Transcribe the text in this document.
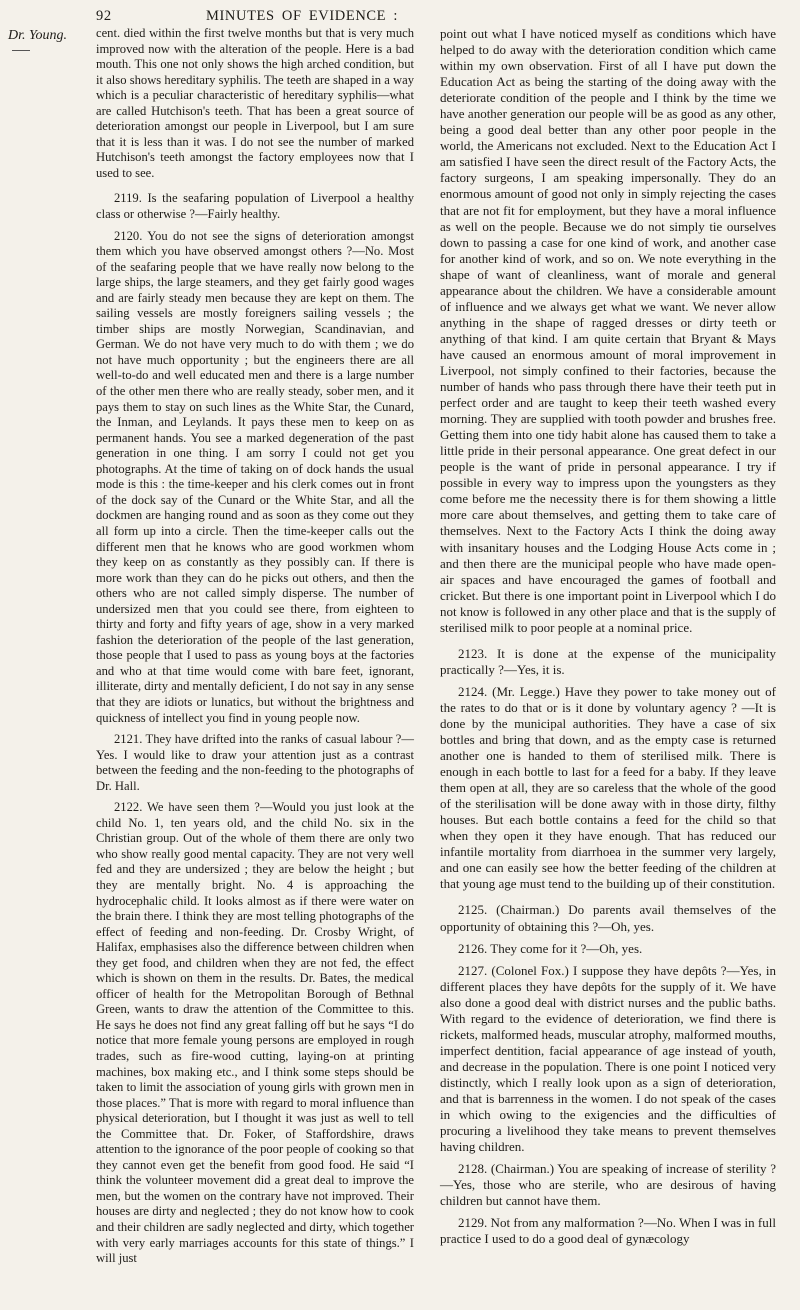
92	MINUTES OF EVIDENCE :
Dr. Young.	cent. died within the first twelve months but that is very much improved now with the alteration of the people. Here is a bad mouth. This one not only shows the high arched condition, but it also shows hereditary syphilis. The teeth are shaped in a way which is a peculiar characteristic of hereditary syphilis—what are called Hutchison's teeth. That has been a great source of deterioration amongst our people in Liverpool, but I am sure that it is less than it was. I do not see the number of marked Hutchison's teeth amongst the factory employees now that I used to see.

2119. Is the seafaring population of Liverpool a healthy class or otherwise ?—Fairly healthy.

2120. You do not see the signs of deterioration amongst them which you have observed amongst others ?—No. Most of the seafaring people that we have really now belong to the large ships, the large steamers, and they get fairly good wages and are fairly steady men because they are kept on them. The sailing vessels are mostly foreigners sailing vessels ; the timber ships are mostly Norwegian, Scandinavian, and German. We do not have very much to do with them ; we do not have much opportunity ; but the engineers there are all well-to-do and well educated men and there is a large number of the other men there who are really steady, sober men, and it pays them to stay on such lines as the White Star, the Cunard, the Inman, and Leylands. It pays these men to keep on as permanent hands. You see a marked degeneration of the past generation in one thing. I am sorry I could not get you photographs. At the time of taking on of dock hands the usual mode is this : the time-keeper and his clerk comes out in front of the dock say of the Cunard or the White Star, and all the dockmen are hanging round and as soon as they come out they all form up into a circle. Then the time-keeper calls out the different men that he knows who are good workmen whom they keep on as constantly as they possibly can. If there is more work than they can do he picks out others, and then the others who are not called simply disperse. The number of undersized men that you could see there, from eighteen to thirty and forty and fifty years of age, show in a very marked fashion the deterioration of the people of the last generation, those people that I used to pass as young boys at the factories and who at that time would come with bare feet, ignorant, illiterate, dirty and mentally deficient, I do not say in any sense that they are idiots or lunatics, but without the brightness and quickness of intellect you find in young people now.

2121. They have drifted into the ranks of casual labour ?—Yes. I would like to draw your attention just as a contrast between the feeding and the non-feeding to the photographs of Dr. Hall.

2122. We have seen them ?—Would you just look at the child No. 1, ten years old, and the child No. six in the Christian group. Out of the whole of them there are only two who show really good mental capacity. They are not very well fed and they are undersized ; they are below the height ; but they are mentally bright. No. 4 is approaching the hydrocephalic child. It looks almost as if there were water on the brain there. I think they are most telling photographs of the effect of feeding and non-feeding. Dr. Crosby Wright, of Halifax, emphasises also the difference between children when they get food, and children when they are not fed, the effect which is shown on them in the results. Dr. Bates, the medical officer of health for the Metropolitan Borough of Bethnal Green, wants to draw the attention of the Committee to this. He says he does not find any great falling off but he says “I do notice that more female young persons are employed in rough trades, such as fire-wood cutting, laying-on at printing machines, box making etc., and I think some steps should be taken to limit the association of young girls with grown men in those places.” That is more with regard to moral influence than physical deterioration, but I thought it was just as well to tell the Committee that. Dr. Foker, of Staffordshire, draws attention to the ignorance of the poor people of cooking so that they cannot even get the benefit from good food. He said “I think the volunteer movement did a great deal to improve the men, but the women on the contrary have not improved. Their houses are dirty and neglected ; they do not know how to cook and their children are sadly neglected and dirty, which together with very early marriages accounts for this state of things.” I will just

point out what I have noticed myself as conditions which have helped to do away with the deterioration condition which came within my own observation. First of all I have put down the Education Act as being the starting of the doing away with the deteriorate condition of the people and I think by the time we have another generation our people will be as good as any other, being a good deal better than any other poor people in the world, the Americans not excluded. Next to the Education Act I am satisfied I have seen the direct result of the Factory Acts, the factory surgeons, I am speaking impersonally. They do an enormous amount of good not only in simply rejecting the cases that are not fit for employment, but they have a moral influence as well on the people. Because we do not simply tie ourselves down to passing a case for one kind of work, and another case for another kind of work, and so on. We note everything in the shape of want of cleanliness, want of morale and general appearance about the children. We have a considerable amount of influence and we always get what we want. We never allow anything in the shape of ragged dresses or dirty teeth or anything of that kind. I am quite certain that Bryant & Mays have caused an enormous amount of moral improvement in Liverpool, not simply confined to their factories, because the number of hands who pass through there have their teeth put in perfect order and are taught to keep their teeth washed every morning. They are supplied with tooth powder and brushes free. Getting them into one tidy habit alone has caused them to take a little pride in their personal appearance. One great defect in our people is the want of pride in personal appearance. I try if possible in every way to impress upon the youngsters as they come before me the necessity there is for them showing a little more care about themselves, and getting them to take care of themselves. Next to the Factory Acts I think the doing away with insanitary houses and the Lodging House Acts come in ; and then there are the municipal people who have made open-air spaces and have encouraged the games of football and cricket. But there is one important point in Liverpool which I do not know is followed in any other place and that is the supply of sterilised milk to poor people at a nominal price.

2123. It is done at the expense of the municipality practically ?—Yes, it is.

2124. (Mr. Legge.) Have they power to take money out of the rates to do that or is it done by voluntary agency ? —It is done by the municipal authorities. They have a case of six bottles and bring that down, and as the empty case is returned another one is handed to them of sterilised milk. There is enough in each bottle to last for a feed for a baby. If they leave them open at all, they are so careless that the whole of the good of the sterilisation will be done away with in those dirty, filthy houses. But each bottle contains a feed for the child so that when they open it they have enough. That has reduced our infantile mortality from diarrhoea in the summer very largely, and one can easily see how the better feeding of the children at that young age must tend to the building up of their constitution.

2125. (Chairman.) Do parents avail themselves of the opportunity of obtaining this ?—Oh, yes.

2126. They come for it ?—Oh, yes.

2127. (Colonel Fox.) I suppose they have depôts ?—Yes, in different places they have depôts for the supply of it. We have also done a good deal with district nurses and the public baths. With regard to the evidence of deterioration, we find there is rickets, malformed heads, muscular atrophy, malformed mouths, imperfect dentition, facial appearance of age instead of youth, and decrease in the population. There is one point I noticed very distinctly, which I really look upon as a sign of deterioration, and that is barrenness in the women. I do not speak of the cases in which owing to the exigencies and the difficulties of procuring a livelihood they take means to prevent themselves having children.

2128. (Chairman.) You are speaking of increase of sterility ?—Yes, those who are sterile, who are desirous of having children but cannot have them.

2129. Not from any malformation ?—No. When I was in full practice I used to do a good deal of gynæcology
